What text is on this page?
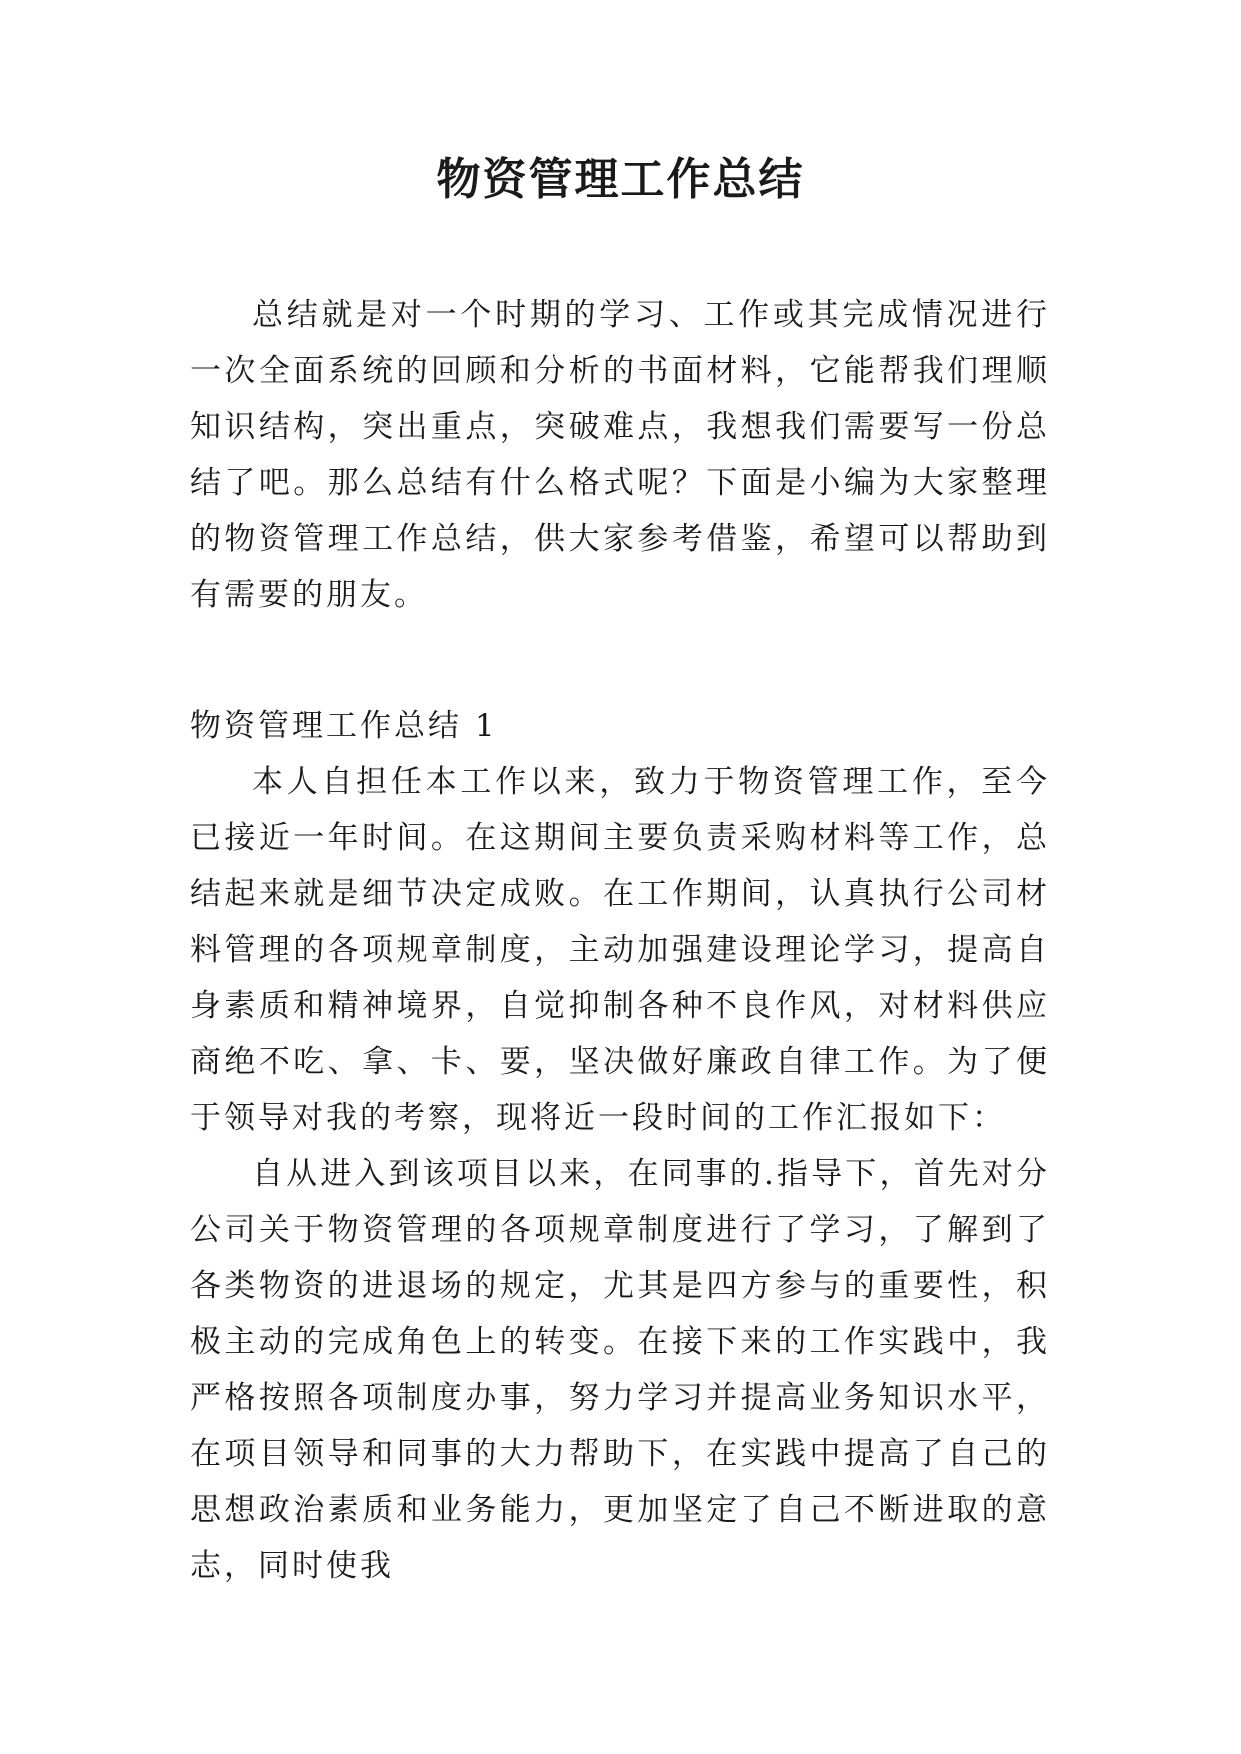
物资管理工作总结

总结就是对一个时期的学习、工作或其完成情况进行一次全面系统的回顾和分析的书面材料，它能帮我们理顺知识结构，突出重点，突破难点，我想我们需要写一份总结了吧。那么总结有什么格式呢？下面是小编为大家整理的物资管理工作总结，供大家参考借鉴，希望可以帮助到有需要的朋友。

物资管理工作总结 1

本人自担任本工作以来，致力于物资管理工作，至今已接近一年时间。在这期间主要负责采购材料等工作，总结起来就是细节决定成败。在工作期间，认真执行公司材料管理的各项规章制度，主动加强建设理论学习，提高自身素质和精神境界，自觉抑制各种不良作风，对材料供应商绝不吃、拿、卡、要，坚决做好廉政自律工作。为了便于领导对我的考察，现将近一段时间的工作汇报如下：

自从进入到该项目以来，在同事的.指导下，首先对分公司关于物资管理的各项规章制度进行了学习，了解到了各类物资的进退场的规定，尤其是四方参与的重要性，积极主动的完成角色上的转变。在接下来的工作实践中，我严格按照各项制度办事，努力学习并提高业务知识水平，在项目领导和同事的大力帮助下，在实践中提高了自己的思想政治素质和业务能力，更加坚定了自己不断进取的意志，同时使我
